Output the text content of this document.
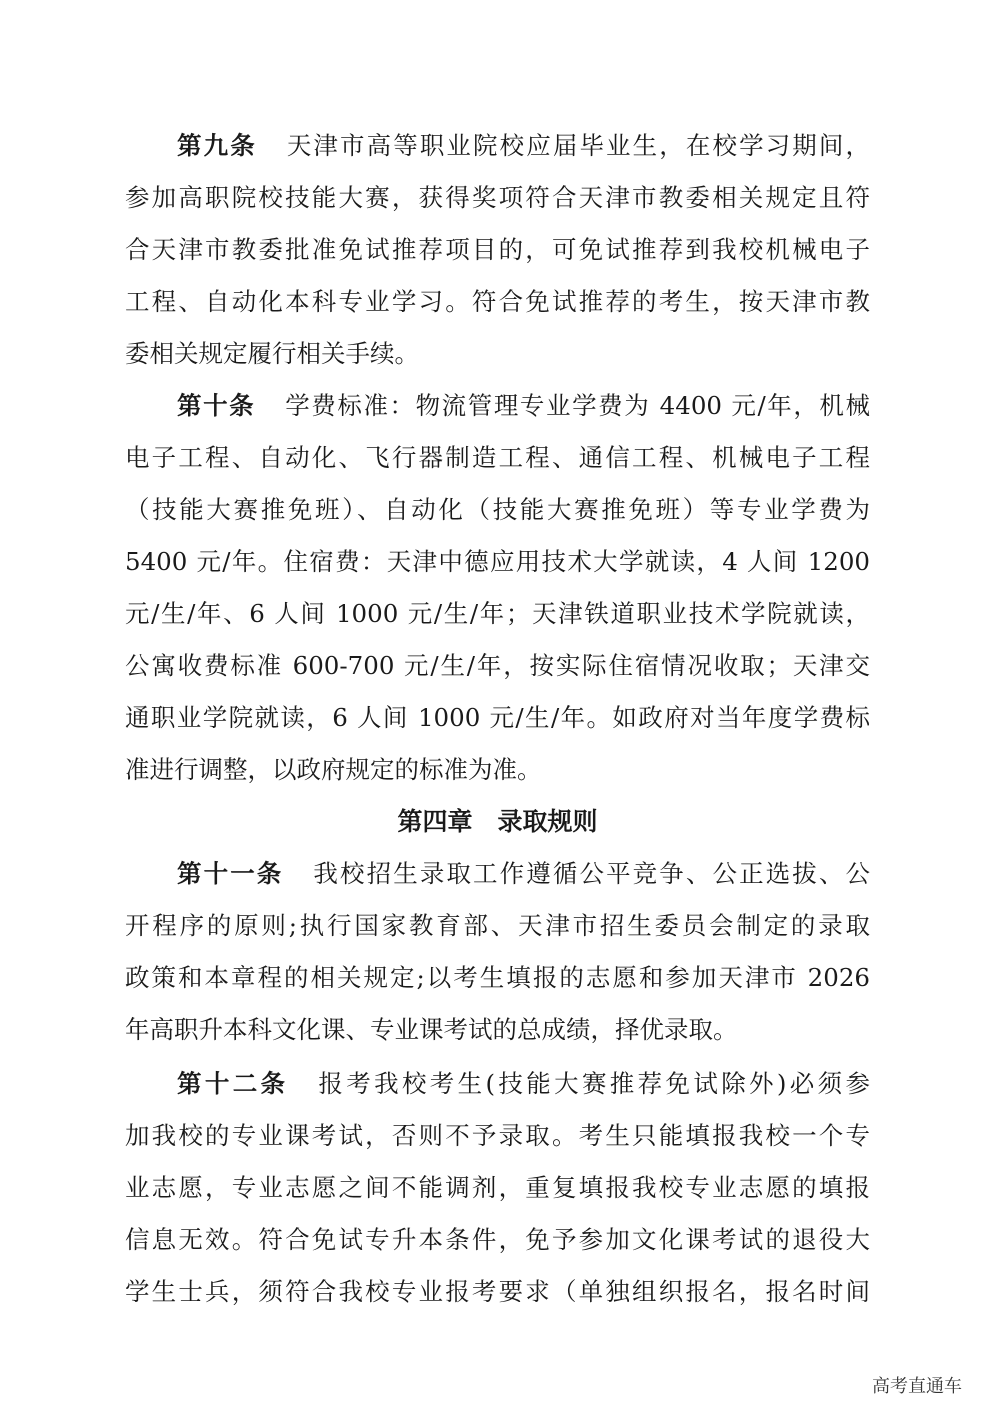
第九条 天津市高等职业院校应届毕业生，在校学习期间，
参加高职院校技能大赛，获得奖项符合天津市教委相关规定且符
合天津市教委批准免试推荐项目的，可免试推荐到我校机械电子
工程、自动化本科专业学习。符合免试推荐的考生，按天津市教
委相关规定履行相关手续。
第十条 学费标准：物流管理专业学费为 4400 元/年，机械
电子工程、自动化、飞行器制造工程、通信工程、机械电子工程
（技能大赛推免班）、自动化（技能大赛推免班）等专业学费为
5400 元/年。住宿费：天津中德应用技术大学就读，4 人间 1200
元/生/年、6 人间 1000 元/生/年；天津铁道职业技术学院就读，
公寓收费标准 600-700 元/生/年，按实际住宿情况收取；天津交
通职业学院就读，6 人间 1000 元/生/年。如政府对当年度学费标
准进行调整，以政府规定的标准为准。
第四章　录取规则
第十一条 我校招生录取工作遵循公平竞争、公正选拔、公
开程序的原则;执行国家教育部、天津市招生委员会制定的录取
政策和本章程的相关规定;以考生填报的志愿和参加天津市 2026
年高职升本科文化课、专业课考试的总成绩，择优录取。
第十二条 报考我校考生(技能大赛推荐免试除外)必须参
加我校的专业课考试，否则不予录取。考生只能填报我校一个专
业志愿，专业志愿之间不能调剂，重复填报我校专业志愿的填报
信息无效。符合免试专升本条件，免予参加文化课考试的退役大
学生士兵，须符合我校专业报考要求（单独组织报名，报名时间
高考直通车
